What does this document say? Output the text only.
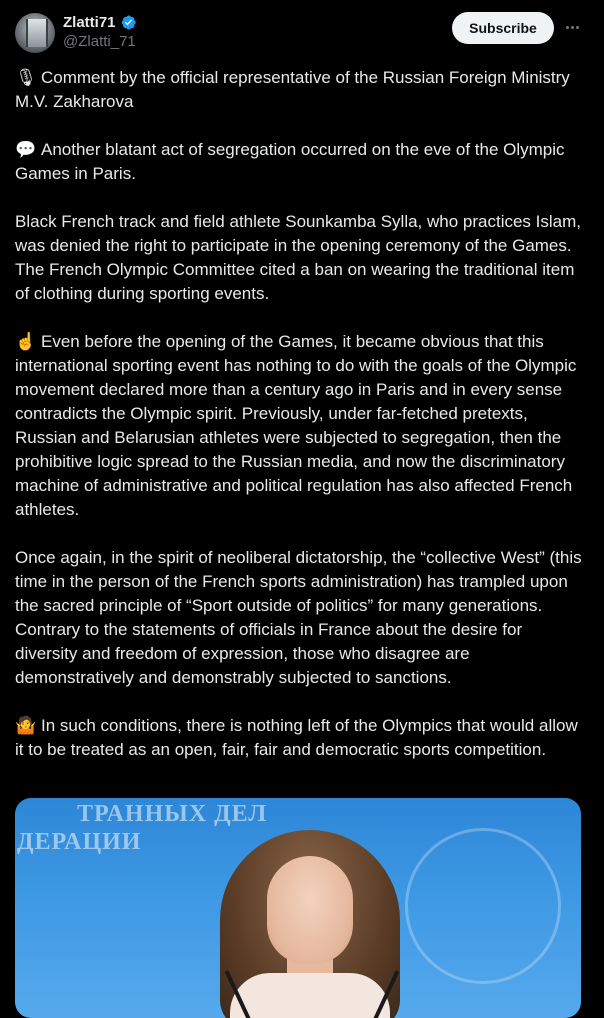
Zlatti71
@Zlatti_71
Subscribe

🎙 Comment by the official representative of the Russian Foreign Ministry M.V. Zakharova

💬 Another blatant act of segregation occurred on the eve of the Olympic Games in Paris.

Black French track and field athlete Sounkamba Sylla, who practices Islam, was denied the right to participate in the opening ceremony of the Games. The French Olympic Committee cited a ban on wearing the traditional item of clothing during sporting events.

☝ Even before the opening of the Games, it became obvious that this international sporting event has nothing to do with the goals of the Olympic movement declared more than a century ago in Paris and in every sense contradicts the Olympic spirit. Previously, under far-fetched pretexts, Russian and Belarusian athletes were subjected to segregation, then the prohibitive logic spread to the Russian media, and now the discriminatory machine of administrative and political regulation has also affected French athletes.

Once again, in the spirit of neoliberal dictatorship, the “collective West” (this time in the person of the French sports administration) has trampled upon the sacred principle of “Sport outside of politics” for many generations. Contrary to the statements of officials in France about the desire for diversity and freedom of expression, those who disagree are demonstratively and demonstrably subjected to sanctions.

🤷 In such conditions, there is nothing left of the Olympics that would allow it to be treated as an open, fair, fair and democratic sports competition.

ТРАННЫХ ДЕЛ
ДЕРАЦИИ
